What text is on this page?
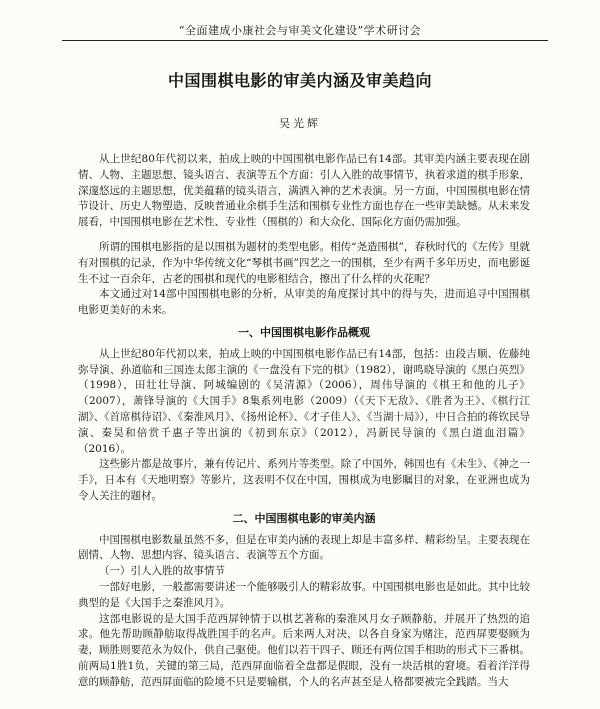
“全面建成小康社会与审美文化建设”学术研讨会
中国围棋电影的审美内涵及审美趋向
吴光辉

从上世纪80年代初以来，拍成上映的中国围棋电影作品已有14部。其审美内涵主要表现在剧情、人物、主题思想、镜头语言、表演等五个方面：引人入胜的故事情节，执着求道的棋手形象，深邃悠远的主题思想，优美蕴藉的镜头语言，满洒入神的艺术表演。另一方面，中国围棋电影在情节设计、历史人物塑造、反映普通业余棋手生活和围棋专业性方面也存在一些审美缺憾。从未来发展看，中国围棋电影在艺术性、专业性（围棋的）和大众化、国际化方面仍需加强。

所谓的围棋电影指的是以围棋为题材的类型电影。相传“尧造围棋”，春秋时代的《左传》里就有对围棋的记录，作为中华传统文化“琴棋书画”四艺之一的围棋，至少有两千多年历史，而电影诞生不过一百余年，古老的围棋和现代的电影相结合，擦出了什么样的火花呢？

本文通过对14部中国围棋电影的分析，从审美的角度探讨其中的得与失，进而追寻中国围棋电影更美好的未来。

一、中国围棋电影作品概观

从上世纪80年代初以来，拍成上映的中国围棋电影作品已有14部，包括：由段吉顺、佐藤纯弥导演、孙道临和三国连太郎主演的《一盘没有下完的棋》（1982），谢鸣晓导演的《黑白英烈》（1998），田壮壮导演、阿城编剧的《吴清源》（2006），周伟导演的《棋王和他的儿子》（2007），萧锋导演的《大国手》8集系列电影（2009）（《天下无敌》、《胜者为王》、《棋行江湖》、《首席棋待诏》、《秦淮风月》、《扬州论杯》、《才子佳人》、《当湖十局》），中日合拍的蒋钦民导演、秦昊和倍赏千惠子等出演的《初到东京》（2012），冯新民导演的《黑白道血泪篇》（2016）。

这些影片都是故事片，兼有传记片、系列片等类型。除了中国外，韩国也有《未生》、《神之一手》，日本有《天地明察》等影片，这表明不仅在中国，围棋成为电影瞩目的对象，在亚洲也成为令人关注的题材。

二、中国围棋电影的审美内涵

中国围棋电影数量虽然不多，但是在审美内涵的表现上却是丰富多样、精彩纷呈。主要表现在剧情、人物、思想内容、镜头语言、表演等五个方面。

（一）引人入胜的故事情节

一部好电影，一般都需要讲述一个能够吸引人的精彩故事。中国围棋电影也是如此。其中比较典型的是《大国手之秦淮风月》。

这部电影说的是大国手范西屏钟情于以棋艺著称的秦淮风月女子顾静舫，并展开了热烈的追求。他先帮助顾静舫取得战胜国手的名声。后来两人对决，以各自身家为赌注，范西屏要娶顾为妻，顾胜则要范永为奴仆，供自己驱使。他们以若干四子、顾还有两位国手相助的形式下三番棋。前两局1胜1负，关键的第三局，范西屏面临着全盘都是假眼，没有一块活棋的窘境。看着洋洋得意的顾静舫，范西屏面临的险境不只是要输棋，个人的名声甚至是人格都要被完全践踏。当大
